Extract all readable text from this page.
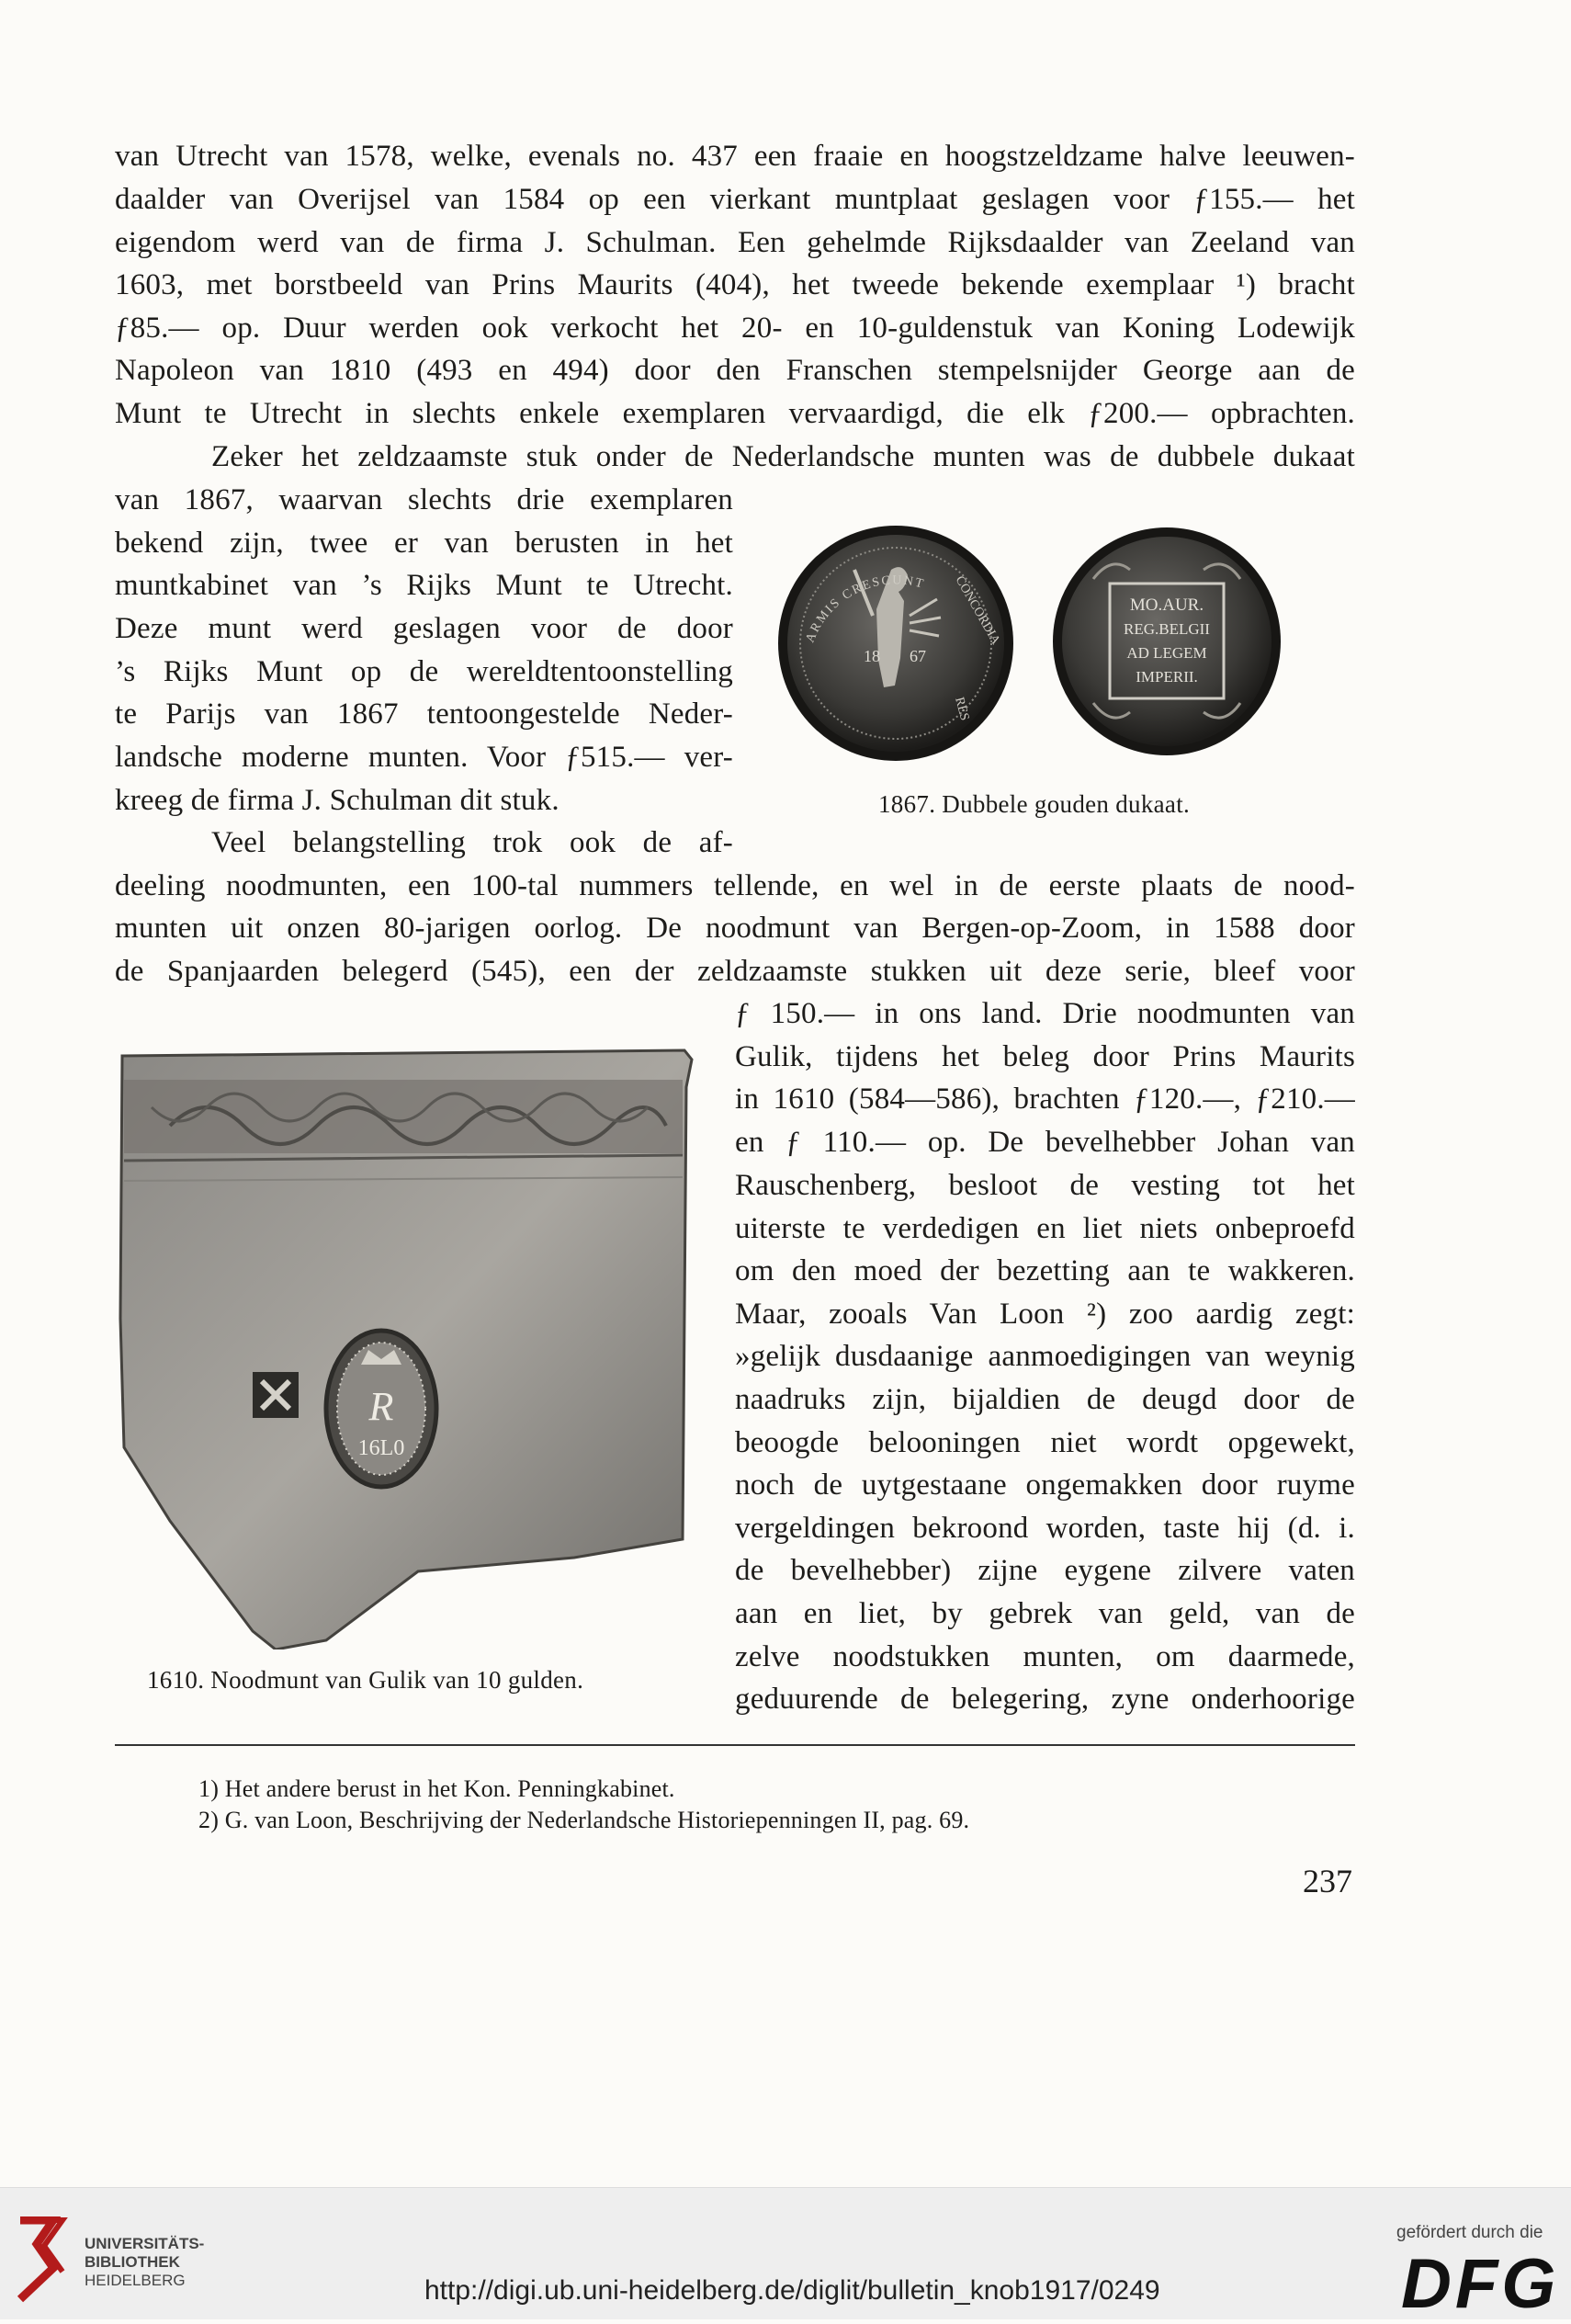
van Utrecht van 1578, welke, evenals no. 437 een fraaie en hoogstzeldzame halve leeuwen-
daalder van Overijsel van 1584 op een vierkant muntplaat geslagen voor ƒ155.— het
eigendom werd van de firma J. Schulman. Een gehelmde Rijksdaalder van Zeeland van
1603, met borstbeeld van Prins Maurits (404), het tweede bekende exemplaar ¹) bracht
ƒ85.— op. Duur werden ook verkocht het 20- en 10-guldenstuk van Koning Lodewijk
Napoleon van 1810 (493 en 494) door den Franschen stempelsnijder George aan de
Munt te Utrecht in slechts enkele exemplaren vervaardigd, die elk ƒ200.— opbrachten.
Zeker het zeldzaamste stuk onder de Nederlandsche munten was de dubbele dukaat
van 1867, waarvan slechts drie exemplaren
bekend zijn, twee er van berusten in het
muntkabinet van ’s Rijks Munt te Utrecht.
Deze munt werd geslagen voor de door
’s Rijks Munt op de wereldtentoonstelling
te Parijs van 1867 tentoongestelde Neder-
landsche moderne munten. Voor ƒ515.— ver-
kreeg de firma J. Schulman dit stuk.
Veel belangstelling trok ook de af-
deeling noodmunten, een 100-tal nummers tellende, en wel in de eerste plaats de nood-
munten uit onzen 80-jarigen oorlog. De noodmunt van Bergen-op-Zoom, in 1588 door
de Spanjaarden belegerd (545), een der zeldzaamste stukken uit deze serie, bleef voor
ƒ 150.— in ons land. Drie noodmunten van
Gulik, tijdens het beleg door Prins Maurits
in 1610 (584—586), brachten ƒ120.—, ƒ210.—
en ƒ 110.— op. De bevelhebber Johan van
Rauschenberg, besloot de vesting tot het
uiterste te verdedigen en liet niets onbeproefd
om den moed der bezetting aan te wakkeren.
Maar, zooals Van Loon ²) zoo aardig zegt:
»gelijk dusdaanige aanmoedigingen van weynig
naadruks zijn, bijaldien de deugd door de
beoogde belooningen niet wordt opgewekt,
noch de uytgestaane ongemakken door ruyme
vergeldingen bekroond worden, taste hij (d. i.
de bevelhebber) zijne eygene zilvere vaten
aan en liet, by gebrek van geld, van de
zelve noodstukken munten, om daarmede,
geduurende de belegering, zyne onderhoorige
18 67
ARMIS CRESCUNT CONCORDIA
RES
MO.AUR.
REG.BELGII
AD LEGEM
IMPERII.
1867. Dubbele gouden dukaat.
R
16L0
1610. Noodmunt van Gulik van 10 gulden.
1) Het andere berust in het Kon. Penningkabinet.
2) G. van Loon, Beschrijving der Nederlandsche Historiepenningen II, pag. 69.
237
UNIVERSITÄTS-
BIBLIOTHEK
HEIDELBERG	http://digi.ub.uni-heidelberg.de/diglit/bulletin_knob1917/0249
gefördert durch die
DFG
